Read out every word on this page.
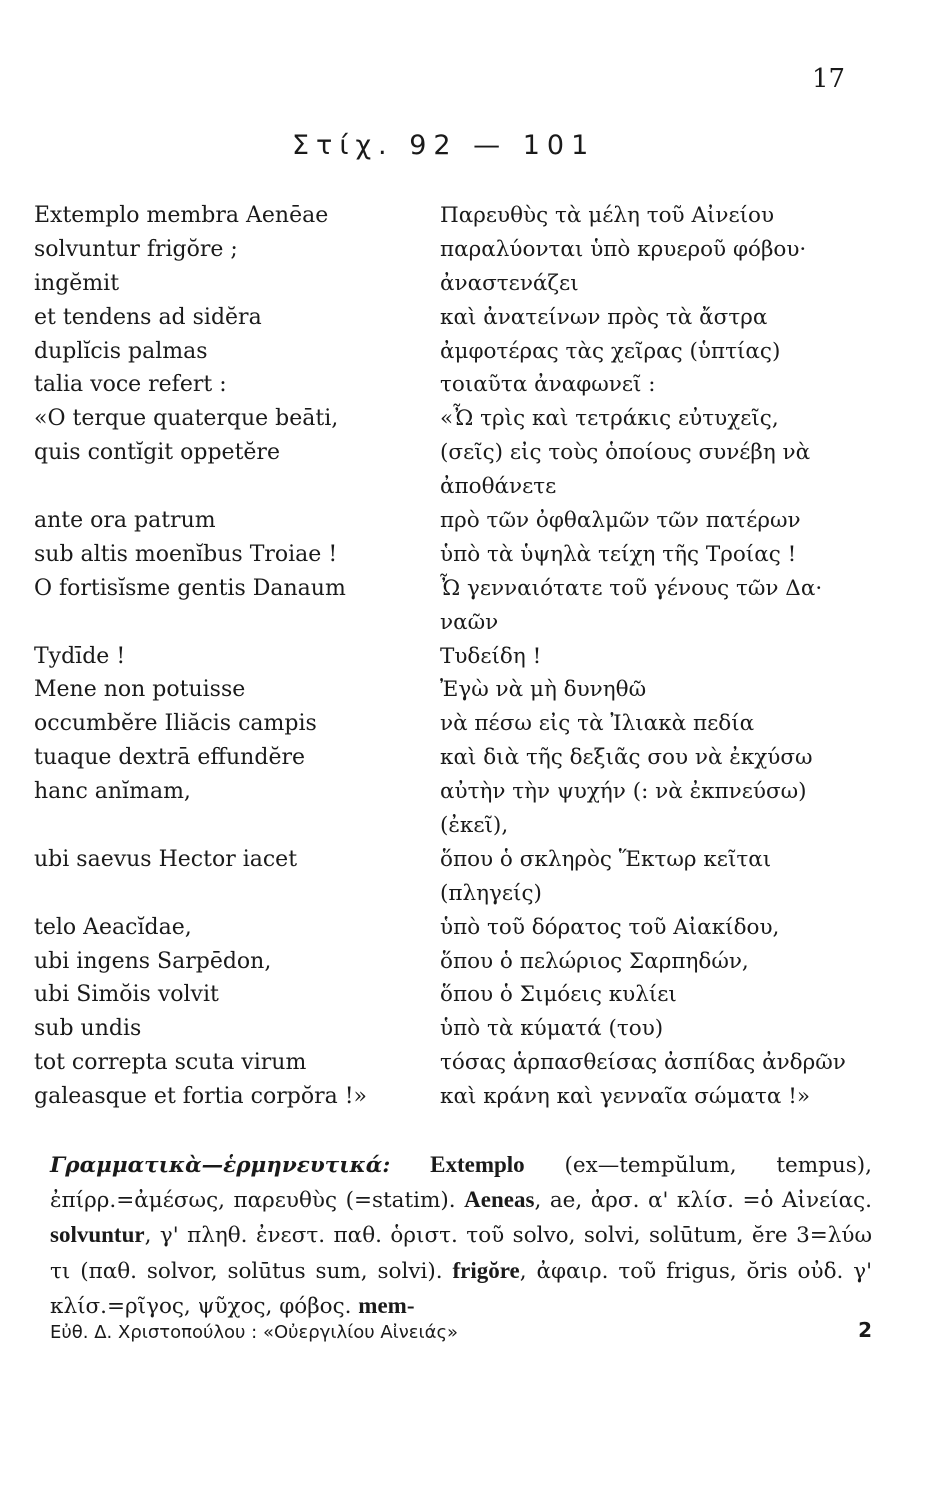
17
Στίχ. 92 — 101
Extemplo membra Aenēae
solvuntur frigŏre ;
ingĕmit
et tendens ad sidĕra
duplĭcis palmas
talia voce refert :
«O terque quaterque beāti,
quis contĭgit oppetĕre
ante ora patrum
sub altis moenĭbus Troiae !
O fortisĭsme gentis Danaum
Tydīde !
Mene non potuisse
occumbĕre Iliăcis campis
tuaque dextrā effundĕre
hanc anĭmam,
ubi saevus Hector iacet
telo Aeacĭdae,
ubi ingens Sarpēdon,
ubi Simŏis volvit
sub undis
tot correpta scuta virum
galeasque et fortia corpŏra !»
Παρευθὺς τὰ μέλη τοῦ Αἰνείου
παραλύονται ὑπὸ κρυεροῦ φόβου·
ἀναστενάζει
καὶ ἀνατείνων πρὸς τὰ ἄστρα
ἀμφοτέρας τὰς χεῖρας (ὑπτίας)
τοιαῦτα ἀναφωνεῖ :
«Ὦ τρὶς καὶ τετράκις εὐτυχεῖς,
(σεῖς) εἰς τοὺς ὁποίους συνέβη νὰ
ἀποθάνετε
πρὸ τῶν ὀφθαλμῶν τῶν πατέρων
ὑπὸ τὰ ὑψηλὰ τείχη τῆς Τροίας !
Ὦ γενναιότατε τοῦ γένους τῶν Δα·
ναῶν
Τυδείδη !
Ἐγὼ νὰ μὴ δυνηθῶ
νὰ πέσω εἰς τὰ Ἰλιακὰ πεδία
καὶ διὰ τῆς δεξιᾶς σου νὰ ἐκχύσω
αὐτὴν τὴν ψυχήν (: νὰ ἐκπνεύσω)
(ἐκεῖ),
ὅπου ὁ σκληρὸς Ἕκτωρ κεῖται
(πληγείς)
ὑπὸ τοῦ δόρατος τοῦ Αἰακίδου,
ὅπου ὁ πελώριος Σαρπηδών,
ὅπου ὁ Σιμόεις κυλίει
ὑπὸ τὰ κύματά (του)
τόσας ἁρπασθείσας ἀσπίδας ἀνδρῶν
καὶ κράνη καὶ γενναῖα σώματα !»

Γραμματικὰ—ἑρμηνευτικά: Extemplo (ex—tempŭlum, tempus), ἐπίρρ.=ἀμέσως, παρευθὺς (=statim). Aeneas, ae, ἀρσ. α' κλίσ. =ὁ Αἰνείας. solvuntur, γ' πληθ. ἐνεστ. παθ. ὁριστ. τοῦ solvo, solvi, solūtum, ĕre 3=λύω τι (παθ. solvor, solūtus sum, solvi). frigŏre, ἀφαιρ. τοῦ frigus, ŏris οὐδ. γ' κλίσ.=ρῖγος, ψῦχος, φόβος. mem-

Εὐθ. Δ. Χριστοπούλου : «Οὐεργιλίου Αἰνειάς»	2
